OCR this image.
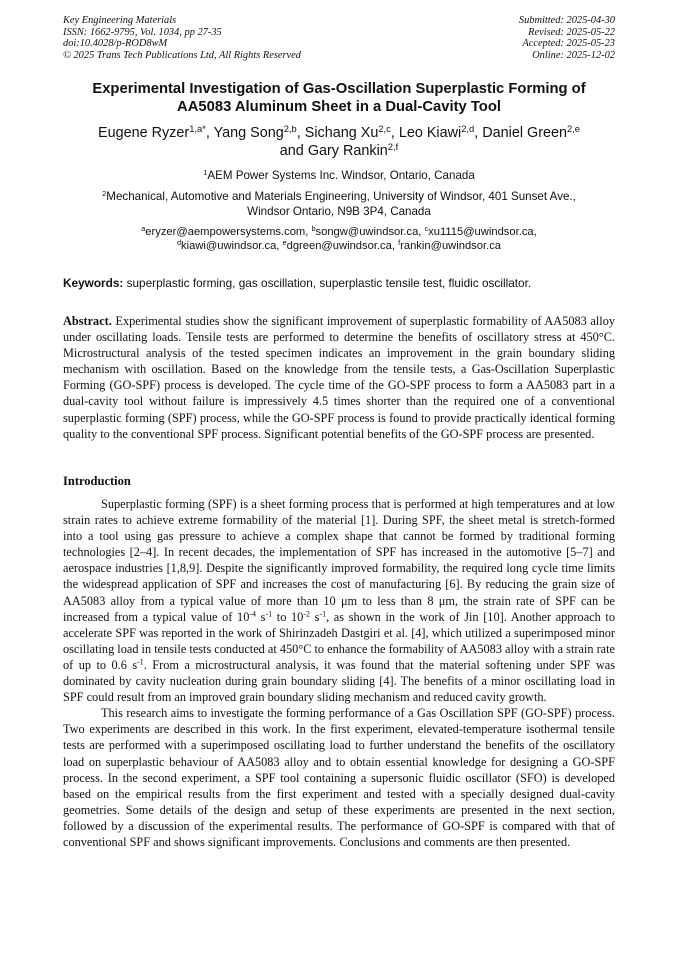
Key Engineering Materials
ISSN: 1662-9795, Vol. 1034, pp 27-35
doi:10.4028/p-ROD8wM
© 2025 Trans Tech Publications Ltd, All Rights Reserved
Submitted: 2025-04-30
Revised: 2025-05-22
Accepted: 2025-05-23
Online: 2025-12-02
Experimental Investigation of Gas-Oscillation Superplastic Forming of
AA5083 Aluminum Sheet in a Dual-Cavity Tool
Eugene Ryzer$^{1,a*}$, Yang Song$^{2,b}$, Sichang Xu$^{2,c}$, Leo Kiawi$^{2,d}$, Daniel Green$^{2,e}$
and Gary Rankin$^{2,f}$
$^1$AEM Power Systems Inc. Windsor, Ontario, Canada
$^2$Mechanical, Automotive and Materials Engineering, University of Windsor, 401 Sunset Ave.,
Windsor Ontario, N9B 3P4, Canada
$^a$eryzer@aempowersystems.com, $^b$songw@uwindsor.ca, $^c$xu1115@uwindsor.ca,
$^d$kiawi@uwindsor.ca, $^e$dgreen@uwindsor.ca, $^f$rankin@uwindsor.ca
Keywords: superplastic forming, gas oscillation, superplastic tensile test, fluidic oscillator.
Abstract. Experimental studies show the significant improvement of superplastic formability of AA5083 alloy under oscillating loads. Tensile tests are performed to determine the benefits of oscillatory stress at 450°C. Microstructural analysis of the tested specimen indicates an improvement in the grain boundary sliding mechanism with oscillation. Based on the knowledge from the tensile tests, a Gas-Oscillation Superplastic Forming (GO-SPF) process is developed. The cycle time of the GO-SPF process to form a AA5083 part in a dual-cavity tool without failure is impressively 4.5 times shorter than the required one of a conventional superplastic forming (SPF) process, while the GO-SPF process is found to provide practically identical forming quality to the conventional SPF process. Significant potential benefits of the GO-SPF process are presented.
Introduction

Superplastic forming (SPF) is a sheet forming process that is performed at high temperatures and at low strain rates to achieve extreme formability of the material [1]. During SPF, the sheet metal is stretch-formed into a tool using gas pressure to achieve a complex shape that cannot be formed by traditional forming technologies [2–4]. In recent decades, the implementation of SPF has increased in the automotive [5–7] and aerospace industries [1,8,9]. Despite the significantly improved formability, the required long cycle time limits the widespread application of SPF and increases the cost of manufacturing [6]. By reducing the grain size of AA5083 alloy from a typical value of more than 10 μm to less than 8 μm, the strain rate of SPF can be increased from a typical value of $10^{-4}$ $s^{-1}$ to $10^{-2}$ $s^{-1}$, as shown in the work of Jin [10]. Another approach to accelerate SPF was reported in the work of Shirinzadeh Dastgiri et al. [4], which utilized a superimposed minor oscillating load in tensile tests conducted at 450°C to enhance the formability of AA5083 alloy with a strain rate of up to 0.6 $s^{-1}$. From a microstructural analysis, it was found that the material softening under SPF was dominated by cavity nucleation during grain boundary sliding [4]. The benefits of a minor oscillating load in SPF could result from an improved grain boundary sliding mechanism and reduced cavity growth.

This research aims to investigate the forming performance of a Gas Oscillation SPF (GO-SPF) process. Two experiments are described in this work. In the first experiment, elevated-temperature isothermal tensile tests are performed with a superimposed oscillating load to further understand the benefits of the oscillatory load on superplastic behaviour of AA5083 alloy and to obtain essential knowledge for designing a GO-SPF process. In the second experiment, a SPF tool containing a supersonic fluidic oscillator (SFO) is developed based on the empirical results from the first experiment and tested with a specially designed dual-cavity geometries. Some details of the design and setup of these experiments are presented in the next section, followed by a discussion of the experimental results. The performance of GO-SPF is compared with that of conventional SPF and shows significant improvements. Conclusions and comments are then presented.
